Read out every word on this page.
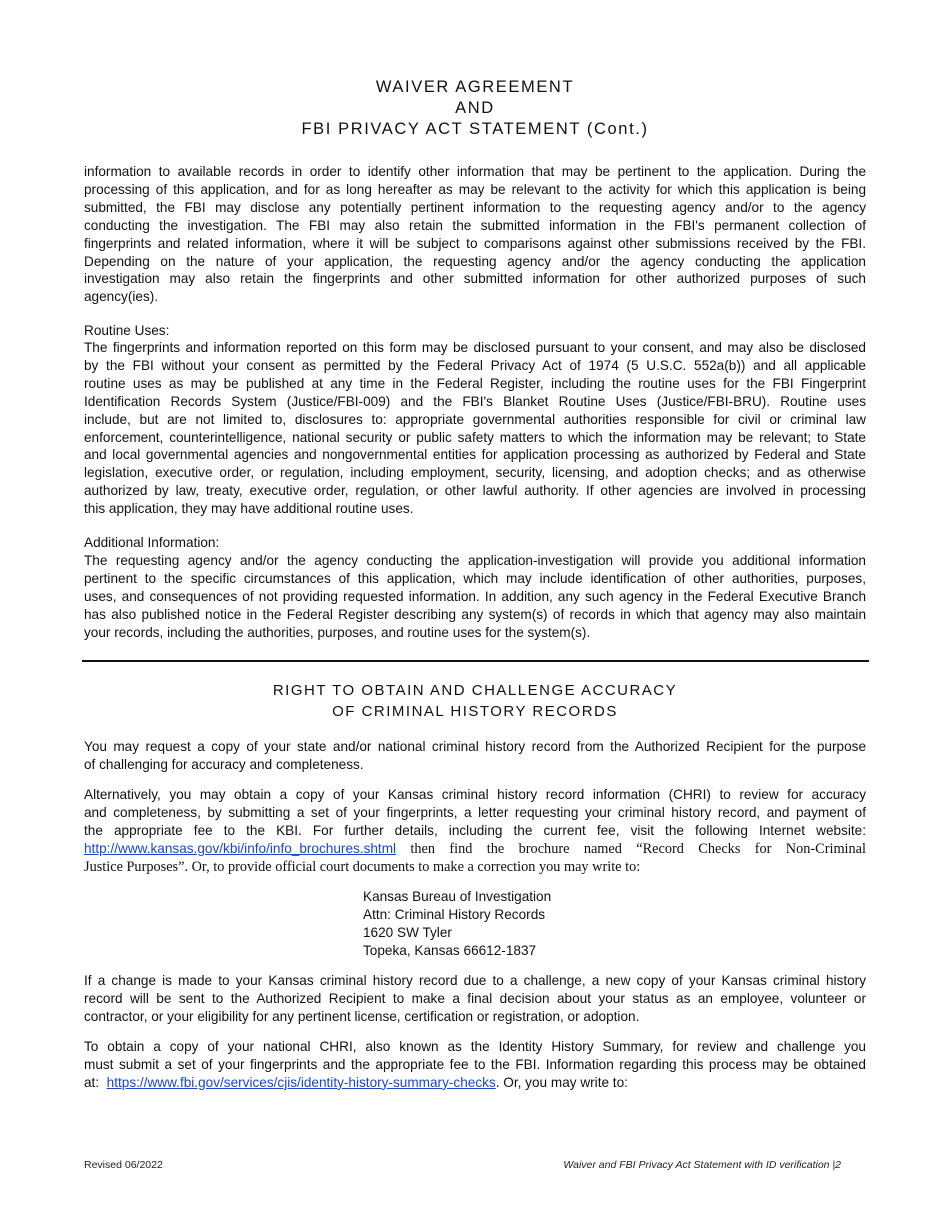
WAIVER AGREEMENT
AND
FBI PRIVACY ACT STATEMENT (Cont.)

information to available records in order to identify other information that may be pertinent to the application. During the
processing of this application, and for as long hereafter as may be relevant to the activity for which this application is being
submitted, the FBI may disclose any potentially pertinent information to the requesting agency and/or to the agency
conducting the investigation. The FBI may also retain the submitted information in the FBI's permanent collection of
fingerprints and related information, where it will be subject to comparisons against other submissions received by the FBI.
Depending on the nature of your application, the requesting agency and/or the agency conducting the application
investigation may also retain the fingerprints and other submitted information for other authorized purposes of such
agency(ies).

Routine Uses:

The fingerprints and information reported on this form may be disclosed pursuant to your consent, and may also be disclosed
by the FBI without your consent as permitted by the Federal Privacy Act of 1974 (5 U.S.C. 552a(b)) and all applicable
routine uses as may be published at any time in the Federal Register, including the routine uses for the FBI Fingerprint
Identification Records System (Justice/FBI-009) and the FBI's Blanket Routine Uses (Justice/FBI-BRU). Routine uses
include, but are not limited to, disclosures to: appropriate governmental authorities responsible for civil or criminal law
enforcement, counterintelligence, national security or public safety matters to which the information may be relevant; to State
and local governmental agencies and nongovernmental entities for application processing as authorized by Federal and State
legislation, executive order, or regulation, including employment, security, licensing, and adoption checks; and as otherwise
authorized by law, treaty, executive order, regulation, or other lawful authority. If other agencies are involved in processing
this application, they may have additional routine uses.

Additional Information:

The requesting agency and/or the agency conducting the application-investigation will provide you additional information
pertinent to the specific circumstances of this application, which may include identification of other authorities, purposes,
uses, and consequences of not providing requested information. In addition, any such agency in the Federal Executive Branch
has also published notice in the Federal Register describing any system(s) of records in which that agency may also maintain
your records, including the authorities, purposes, and routine uses for the system(s).

RIGHT TO OBTAIN AND CHALLENGE ACCURACY
OF CRIMINAL HISTORY RECORDS

You may request a copy of your state and/or national criminal history record from the Authorized Recipient for the purpose
of challenging for accuracy and completeness.

Alternatively, you may obtain a copy of your Kansas criminal history record information (CHRI) to review for accuracy
and completeness, by submitting a set of your fingerprints, a letter requesting your criminal history record, and payment of
the appropriate fee to the KBI. For further details, including the current fee, visit the following Internet website:
http://www.kansas.gov/kbi/info/info_brochures.shtml then find the brochure named “Record Checks for Non-Criminal
Justice Purposes”. Or, to provide official court documents to make a correction you may write to:

Kansas Bureau of Investigation
Attn: Criminal History Records
1620 SW Tyler
Topeka, Kansas 66612-1837

If a change is made to your Kansas criminal history record due to a challenge, a new copy of your Kansas criminal history
record will be sent to the Authorized Recipient to make a final decision about your status as an employee, volunteer or
contractor, or your eligibility for any pertinent license, certification or registration, or adoption.

To obtain a copy of your national CHRI, also known as the Identity History Summary, for review and challenge you
must submit a set of your fingerprints and the appropriate fee to the FBI. Information regarding this process may be obtained
at:  https://www.fbi.gov/services/cjis/identity-history-summary-checks. Or, you may write to:

Revised 06/2022	Waiver and FBI Privacy Act Statement with ID verification |2
